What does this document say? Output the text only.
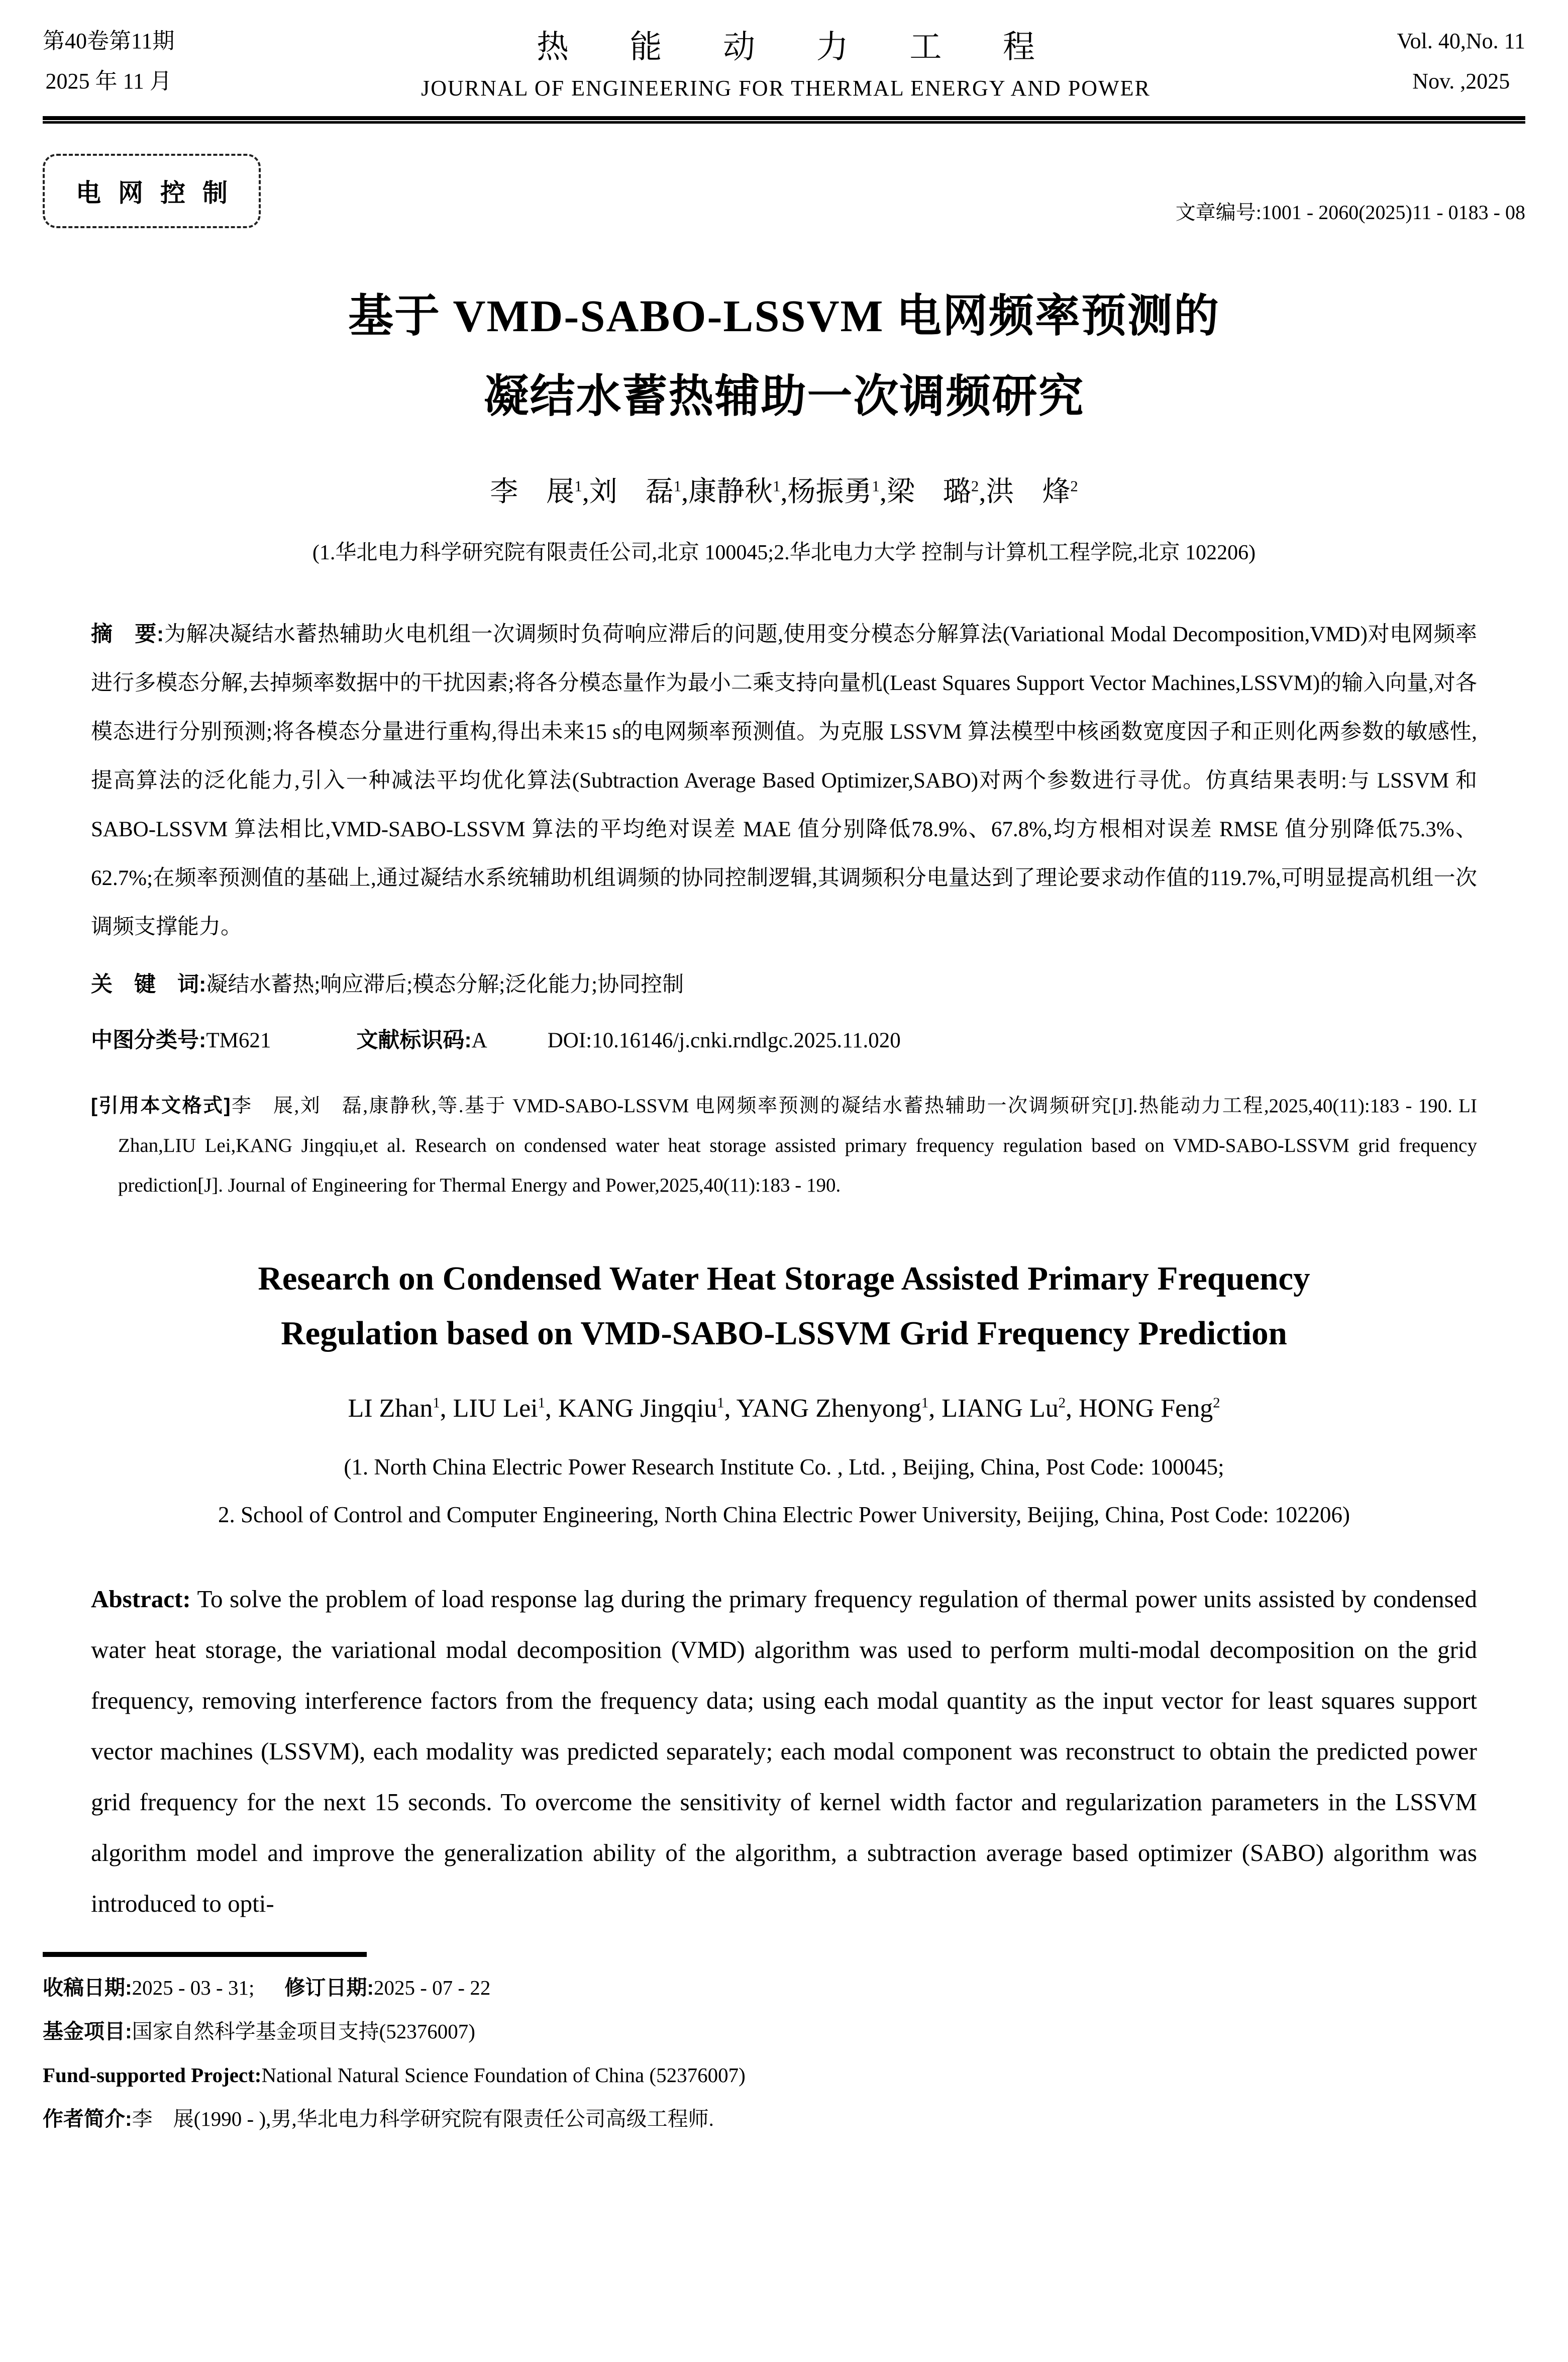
第40卷第11期
2025 年 11 月
热能动力工程
JOURNAL OF ENGINEERING FOR THERMAL ENERGY AND POWER
Vol. 40,No. 11
Nov. ,2025
电网控制
文章编号:1001 - 2060(2025)11 - 0183 - 08
基于 VMD-SABO-LSSVM 电网频率预测的
凝结水蓄热辅助一次调频研究
李　展$^1$,刘　磊$^1$,康静秋$^1$,杨振勇$^1$,梁　璐$^2$,洪　烽$^2$
(1.华北电力科学研究院有限责任公司,北京 100045;2.华北电力大学 控制与计算机工程学院,北京 102206)
摘　要:为解决凝结水蓄热辅助火电机组一次调频时负荷响应滞后的问题,使用变分模态分解算法(Variational Modal Decomposition,VMD)对电网频率进行多模态分解,去掉频率数据中的干扰因素;将各分模态量作为最小二乘支持向量机(Least Squares Support Vector Machines,LSSVM)的输入向量,对各模态进行分别预测;将各模态分量进行重构,得出未来15 s的电网频率预测值。为克服 LSSVM 算法模型中核函数宽度因子和正则化两参数的敏感性,提高算法的泛化能力,引入一种减法平均优化算法(Subtraction Average Based Optimizer,SABO)对两个参数进行寻优。仿真结果表明:与 LSSVM 和 SABO-LSSVM 算法相比,VMD-SABO-LSSVM 算法的平均绝对误差 MAE 值分别降低78.9%、67.8%,均方根相对误差 RMSE 值分别降低75.3%、62.7%;在频率预测值的基础上,通过凝结水系统辅助机组调频的协同控制逻辑,其调频积分电量达到了理论要求动作值的119.7%,可明显提高机组一次调频支撑能力。
关　键　词:凝结水蓄热;响应滞后;模态分解;泛化能力;协同控制
中图分类号:TM621	文献标识码:A	DOI:10.16146/j.cnki.rndlgc.2025.11.020
[引用本文格式]李　展,刘　磊,康静秋,等.基于 VMD-SABO-LSSVM 电网频率预测的凝结水蓄热辅助一次调频研究[J].热能动力工程,2025,40(11):183 - 190. LI Zhan,LIU Lei,KANG Jingqiu,et al. Research on condensed water heat storage assisted primary frequency regulation based on VMD-SABO-LSSVM grid frequency prediction[J]. Journal of Engineering for Thermal Energy and Power,2025,40(11):183 - 190.
Research on Condensed Water Heat Storage Assisted Primary Frequency
Regulation based on VMD-SABO-LSSVM Grid Frequency Prediction
LI Zhan$^1$, LIU Lei$^1$, KANG Jingqiu$^1$, YANG Zhenyong$^1$, LIANG Lu$^2$, HONG Feng$^2$
(1. North China Electric Power Research Institute Co. , Ltd. , Beijing, China, Post Code: 100045;
2. School of Control and Computer Engineering, North China Electric Power University, Beijing, China, Post Code: 102206)
Abstract: To solve the problem of load response lag during the primary frequency regulation of thermal power units assisted by condensed water heat storage, the variational modal decomposition (VMD) algorithm was used to perform multi-modal decomposition on the grid frequency, removing interference factors from the frequency data; using each modal quantity as the input vector for least squares support vector machines (LSSVM), each modality was predicted separately; each modal component was reconstruct to obtain the predicted power grid frequency for the next 15 seconds. To overcome the sensitivity of kernel width factor and regularization parameters in the LSSVM algorithm model and improve the generalization ability of the algorithm, a subtraction average based optimizer (SABO) algorithm was introduced to opti-
收稿日期:2025 - 03 - 31; 修订日期:2025 - 07 - 22
基金项目:国家自然科学基金项目支持(52376007)
Fund-supported Project:National Natural Science Foundation of China (52376007)
作者简介:李　展(1990 - ),男,华北电力科学研究院有限责任公司高级工程师.
